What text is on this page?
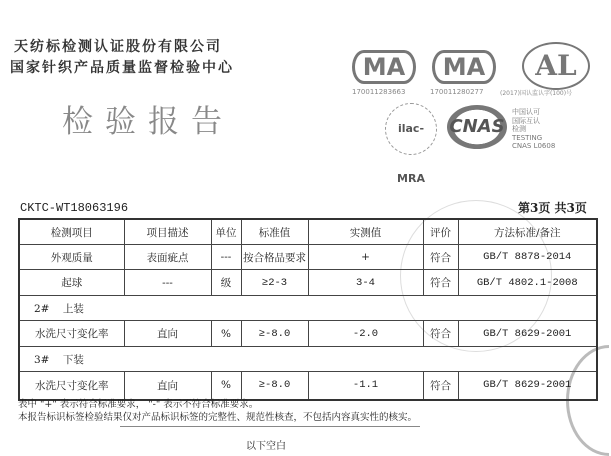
天纺标检测认证股份有限公司
国家针织产品质量监督检验中心
检验报告
MA
170011283663
MA
170011280277
AL
(2017)国认监认字(100)号
ilac-MRA
CNAS
中国认可
国际互认
检测
TESTING
CNAS L0608
CKTC-WT18063196	第3页 共3页
检测项目	项目描述	单位	标准值	实测值	评价	方法标准/备注
外观质量	表面疵点	---	按合格品要求	+	符合	GB/T 8878-2014
起球	---	级	≥2-3	3-4	符合	GB/T 4802.1-2008
2#    上装						
水洗尺寸变化率	直向	%	≥-8.0	-2.0	符合	GB/T 8629-2001
3#    下装						
水洗尺寸变化率	直向	%	≥-8.0	-1.1	符合	GB/T 8629-2001
表中 "+" 表示符合标准要求， "-" 表示不符合标准要求。
本报告标识标签检验结果仅对产品标识标签的完整性、规范性核查，不包括内容真实性的核实。
以下空白
